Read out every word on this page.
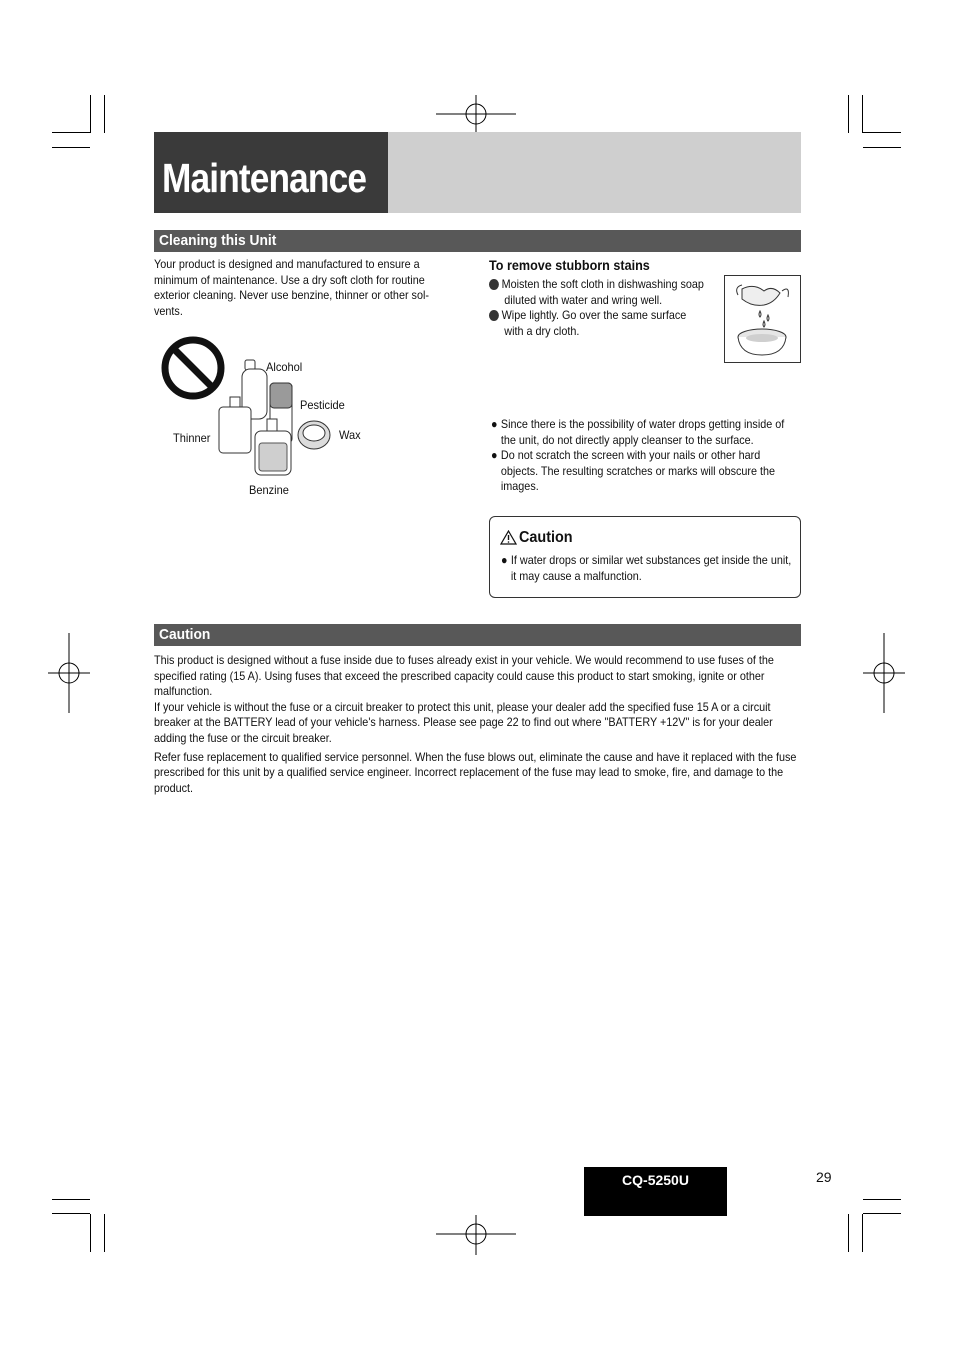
Maintenance
Cleaning this Unit
Your product is designed and manufactured to ensure a minimum of maintenance. Use a dry soft cloth for routine exterior cleaning. Never use benzine, thinner or other sol-vents.
Alcohol
Pesticide
Thinner	Wax
Benzine
To remove stubborn stains
1 Moisten the soft cloth in dishwashing soap diluted with water and wring well.
2 Wipe lightly. Go over the same surface with a dry cloth.
● Since there is the possibility of water drops getting inside of the unit, do not directly apply cleanser to the surface.
● Do not scratch the screen with your nails or other hard objects. The resulting scratches or marks will obscure the images.
Caution
● If water drops or similar wet substances get inside the unit, it may cause a malfunction.
Caution
This product is designed without a fuse inside due to fuses already exist in your vehicle. We would recommend to use fuses of the specified rating (15 A). Using fuses that exceed the prescribed capacity could cause this product to start smoking, ignite or other malfunction.
If your vehicle is without the fuse or a circuit breaker to protect this unit, please your dealer add the specified fuse 15 A or a circuit breaker at the BATTERY lead of your vehicle's harness. Please see page 22 to find out where "BATTERY +12V" is for your dealer adding the fuse or the circuit breaker.
Refer fuse replacement to qualified service personnel. When the fuse blows out, eliminate the cause and have it replaced with the fuse prescribed for this unit by a qualified service engineer. Incorrect replacement of the fuse may lead to smoke, fire, and damage to the product.
CQ-5250U	29
